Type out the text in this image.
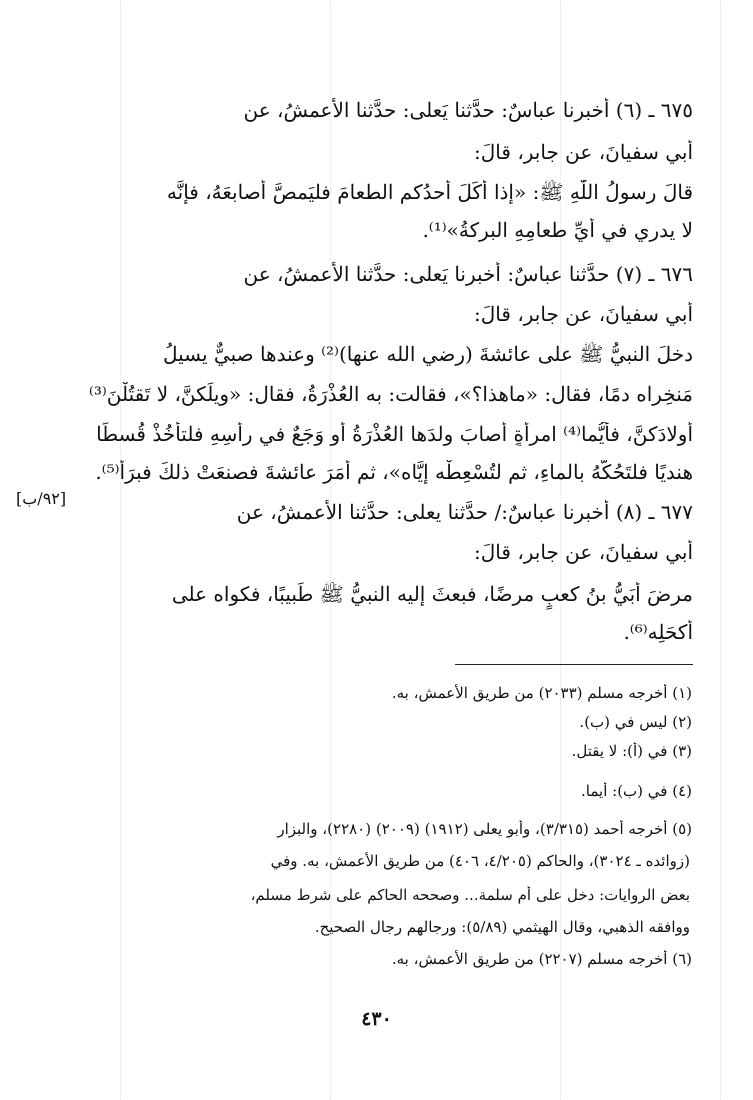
[٩٢/ب]
٦٧٥ ـ (٦) أخبرنا عباسٌ: حدَّثنا يَعلى: حدَّثنا الأعمشُ، عن
أبي سفيانَ، عن جابرٍ، قالَ:
قالَ رسولُ اللّٰهِ ﷺ: «إذا أكَلَ أحدُكم الطعامَ فليَمصَّ أصابعَهُ، فإنَّه
لا يدري في أيِّ طعامِهِ البركةُ»⁽¹⁾.
٦٧٦ ـ (٧) حدَّثنا عباسٌ: أخبرنا يَعلى: حدَّثنا الأعمشُ، عن
أبي سفيانَ، عن جابرٍ، قالَ:
دخلَ النبيُّ ﷺ على عائشةَ (رضي الله عنها)⁽²⁾ وعندها صبيٌّ يسيلُ
مَنخِراه دمًا، فقال: «ماهذا؟»، فقالت: به العُذْرَةُ، فقال: «ويلَكنَّ، لا تَقتُلْنَ⁽³⁾
أولادَكنَّ، فأيُّما⁽⁴⁾ امرأةٍ أصابَ ولدَها العُذْرَةُ أو وَجَعٌ في رأسِهِ فلتأخُذْ قُسطًا
هنديًا فلتَحُكَّهُ بالماءِ، ثم لتُسْعِطْه إيَّاه»، ثم أمَرَ عائشةَ فصنعَتْ ذلكَ فبرَأ⁽⁵⁾.
٦٧٧ ـ (٨) أخبرنا عباسٌ:/ حدَّثنا يعلى: حدَّثنا الأعمشُ، عن
أبي سفيانَ، عن جابرٍ، قالَ:
مرضَ أُبَيُّ بنُ كعبٍ مرضًا، فبعثَ إليه النبيُّ ﷺ طَبيبًا، فكواه على
أكحَلِه⁽⁶⁾.
(١) أخرجه مسلم (٢٠٣٣) من طريق الأعمش، به.
(٢) ليس في (ب).
(٣) في (أ): لا يقتل.
(٤) في (ب): أيما.
(٥) أخرجه أحمد (٣/٣١٥)، وأبو يعلى (١٩١٢) (٢٠٠٩) (٢٢٨٠)، والبزار
(زوائده ـ ٣٠٢٤)، والحاكم (٤/٢٠٥، ٤٠٦) من طريق الأعمش، به. وفي
بعض الروايات: دخل على أم سلمة... وصححه الحاكم على شرط مسلم،
ووافقه الذهبي، وقال الهيثمي (٥/٨٩): ورجالهم رجال الصحيح.
(٦) أخرجه مسلم (٢٢٠٧) من طريق الأعمش، به.
٤٣٠
